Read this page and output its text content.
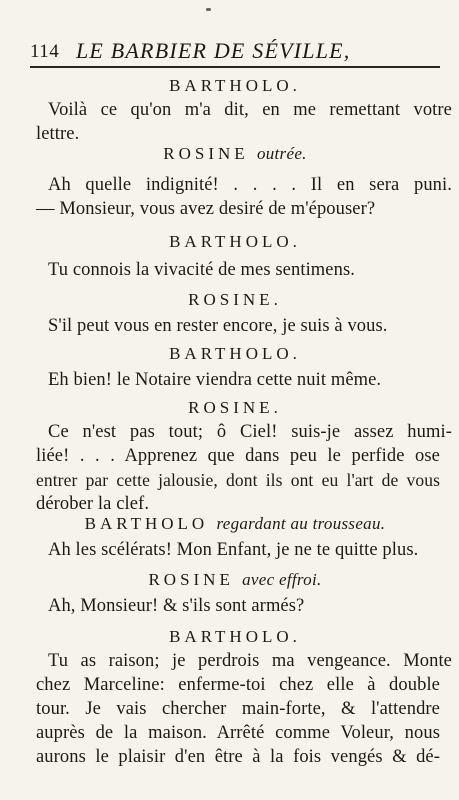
114 LE BARBIER DE SÉVILLE,
BARTHOLO.
Voilà ce qu'on m'a dit, en me remettant votre
lettre.
ROSINE outrée.
Ah quelle indignité! . . . . Il en sera puni.
— Monsieur, vous avez desiré de m'épouser?
BARTHOLO.
Tu connois la vivacité de mes sentimens.
ROSINE.
S'il peut vous en rester encore, je suis à vous.
BARTHOLO.
Eh bien! le Notaire viendra cette nuit même.
ROSINE.
Ce n'est pas tout; ô Ciel! suis-je assez humi-
liée! . . . Apprenez que dans peu le perfide ose
entrer par cette jalousie, dont ils ont eu l'art de vous
dérober la clef.
BARTHOLO regardant au trousseau.
Ah les scélérats! Mon Enfant, je ne te quitte plus.
ROSINE avec effroi.
Ah, Monsieur! & s'ils sont armés?
BARTHOLO.
Tu as raison; je perdrois ma vengeance. Monte
chez Marceline: enferme-toi chez elle à double
tour. Je vais chercher main-forte, & l'attendre
auprès de la maison. Arrêté comme Voleur, nous
aurons le plaisir d'en être à la fois vengés & dé-
